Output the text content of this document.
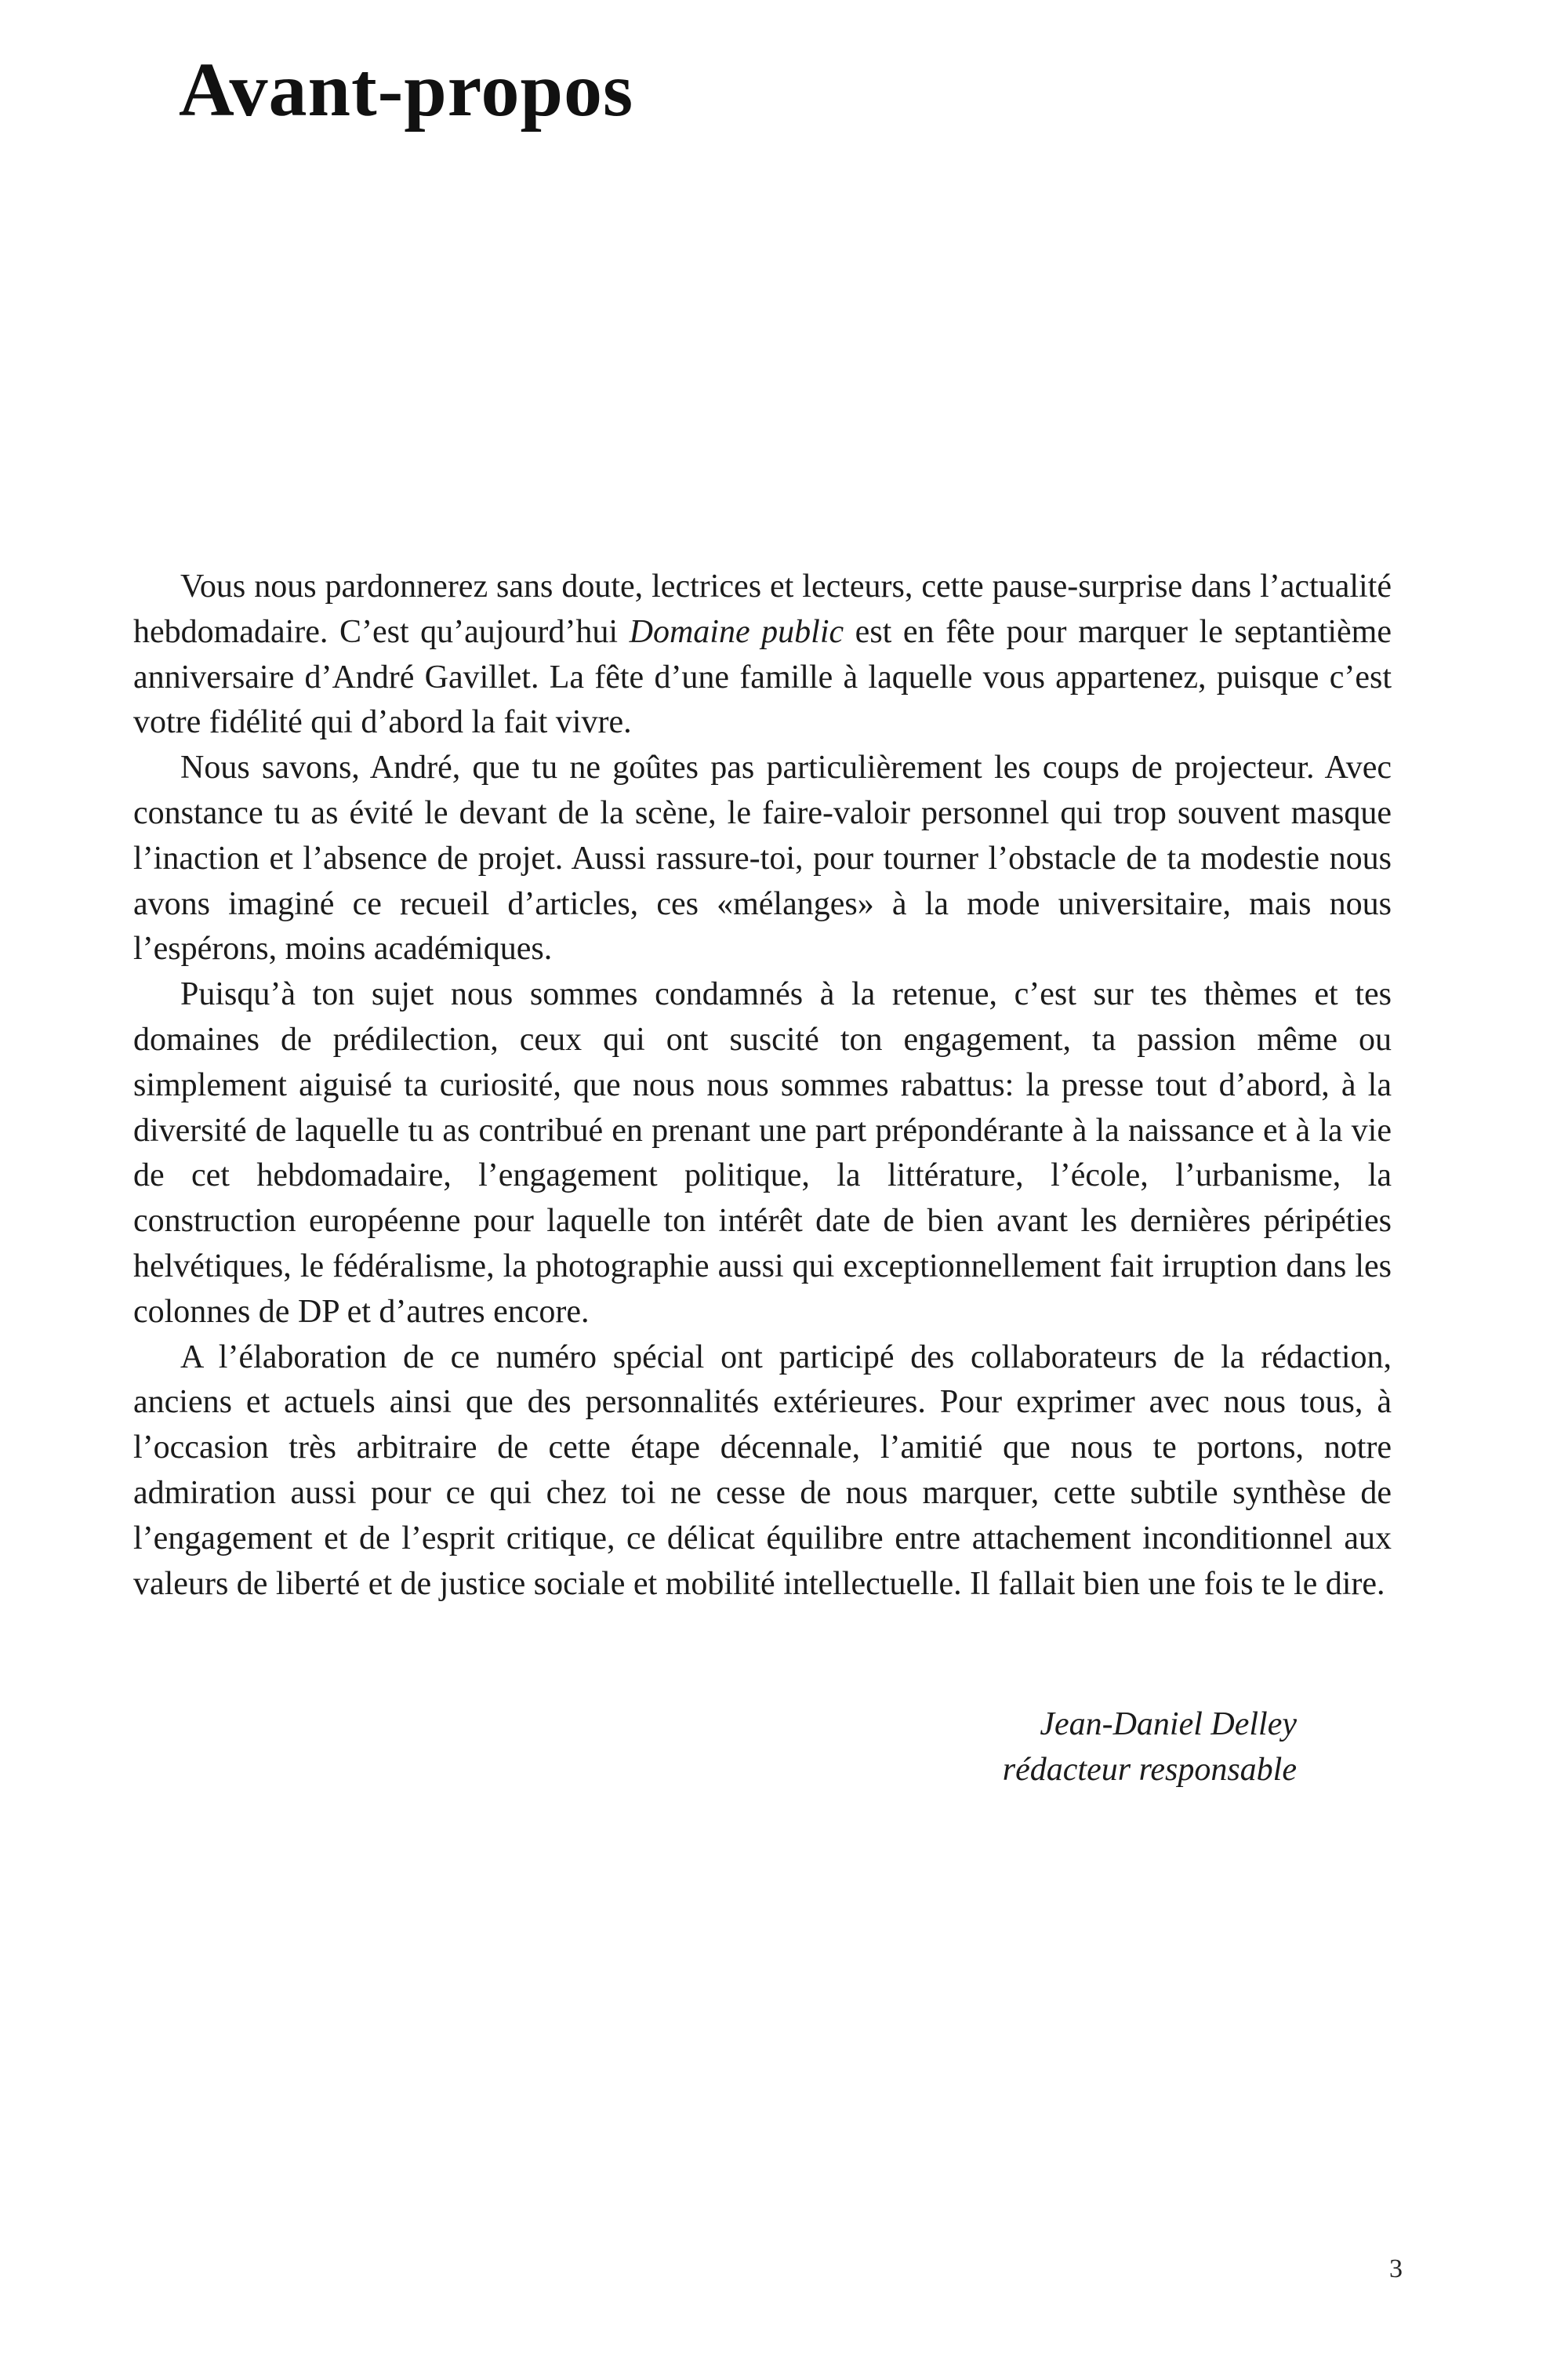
Avant-propos

Vous nous pardonnerez sans doute, lectrices et lecteurs, cette pause-surprise dans l’actualité hebdomadaire. C’est qu’aujourd’hui Domaine public est en fête pour marquer le septantième anniversaire d’André Gavillet. La fête d’une famille à laquelle vous appartenez, puisque c’est votre fidélité qui d’abord la fait vivre.

Nous savons, André, que tu ne goûtes pas particulièrement les coups de projecteur. Avec constance tu as évité le devant de la scène, le faire-valoir personnel qui trop souvent masque l’inaction et l’absence de projet. Aussi rassure-toi, pour tourner l’obstacle de ta modestie nous avons imaginé ce recueil d’articles, ces «mélanges» à la mode universitaire, mais nous l’espérons, moins académiques.

Puisqu’à ton sujet nous sommes condamnés à la retenue, c’est sur tes thèmes et tes domaines de prédilection, ceux qui ont suscité ton engagement, ta passion même ou simplement aiguisé ta curiosité, que nous nous sommes rabattus: la presse tout d’abord, à la diversité de laquelle tu as contribué en prenant une part prépondérante à la naissance et à la vie de cet hebdomadaire, l’engagement politique, la littérature, l’école, l’urbanisme, la construction européenne pour laquelle ton intérêt date de bien avant les dernières péripéties helvétiques, le fédéralisme, la photographie aussi qui exceptionnellement fait irruption dans les colonnes de DP et d’autres encore.

A l’élaboration de ce numéro spécial ont participé des collaborateurs de la rédaction, anciens et actuels ainsi que des personnalités extérieures. Pour exprimer avec nous tous, à l’occasion très arbitraire de cette étape décennale, l’amitié que nous te portons, notre admiration aussi pour ce qui chez toi ne cesse de nous marquer, cette subtile synthèse de l’engagement et de l’esprit critique, ce délicat équilibre entre attachement inconditionnel aux valeurs de liberté et de justice sociale et mobilité intellectuelle. Il fallait bien une fois te le dire.

Jean-Daniel Delley
rédacteur responsable
3
